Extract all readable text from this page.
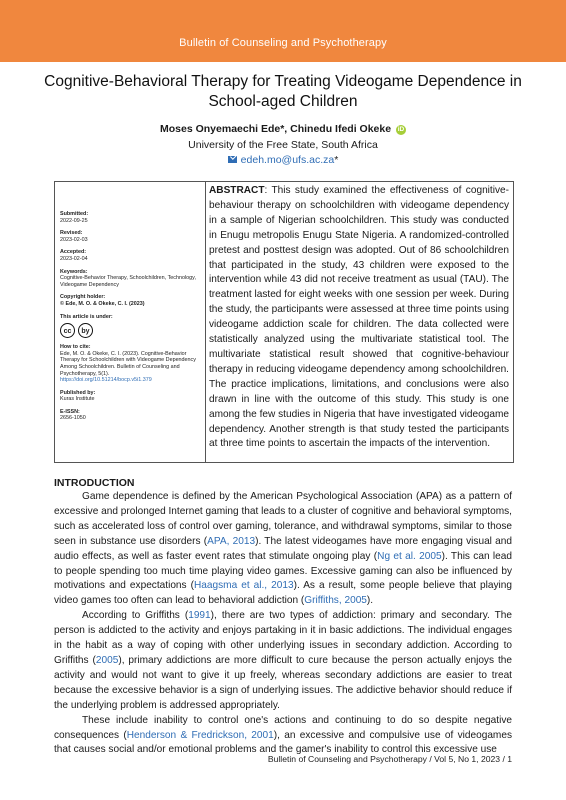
Bulletin of Counseling and Psychotherapy
Cognitive-Behavioral Therapy for Treating Videogame Dependence in School-aged Children
Moses Onyemaechi Ede*, Chinedu Ifedi Okeke iD
University of the Free State, South Africa
edeh.mo@ufs.ac.za*
Submitted:
2022-09-25
Revised:
2023-02-03
Accepted:
2023-02-04
Keywords:
Cognitive-Behavior Therapy, Schoolchildren, Technology, Videogame Dependency
Copyright holder:
© Ede, M. O. & Okeke, C. I. (2023)
This article is under:
cc	by
How to cite:
Ede, M. O. & Okeke, C. I. (2023). Cognitive-Behavior Therapy for Schoolchildren with Videogame Dependency Among Schoolchildren. Bulletin of Counseling and Psychotherapy, 5(1). https://doi.org/10.51214/bocp.v5i1.379
Published by:
Kuras Institute
E-ISSN:
2656-1050
ABSTRACT: This study examined the effectiveness of cognitive-behaviour therapy on schoolchildren with videogame dependency in a sample of Nigerian schoolchildren. This study was conducted in Enugu metropolis Enugu State Nigeria. A randomized-controlled pretest and posttest design was adopted. Out of 86 schoolchildren that participated in the study, 43 children were exposed to the intervention while 43 did not receive treatment as usual (TAU). The treatment lasted for eight weeks with one session per week. During the study, the participants were assessed at three time points using videogame addiction scale for children. The data collected were statistically analyzed using the multivariate statistical tool. The multivariate statistical result showed that cognitive-behaviour therapy in reducing videogame dependency among schoolchildren. The practice implications, limitations, and conclusions were also drawn in line with the outcome of this study. This study is one among the few studies in Nigeria that have investigated videogame dependency. Another strength is that study tested the participants at three time points to ascertain the impacts of the intervention.
INTRODUCTION

Game dependence is defined by the American Psychological Association (APA) as a pattern of excessive and prolonged Internet gaming that leads to a cluster of cognitive and behavioral symptoms, such as accelerated loss of control over gaming, tolerance, and withdrawal symptoms, similar to those seen in substance use disorders (APA, 2013). The latest videogames have more engaging visual and audio effects, as well as faster event rates that stimulate ongoing play (Ng et al. 2005). This can lead to people spending too much time playing video games. Excessive gaming can also be influenced by motivations and expectations (Haagsma et al., 2013). As a result, some people believe that playing video games too often can lead to behavioral addiction (Griffiths, 2005).

According to Griffiths (1991), there are two types of addiction: primary and secondary. The person is addicted to the activity and enjoys partaking in it in basic addictions. The individual engages in the habit as a way of coping with other underlying issues in secondary addiction. According to Griffiths (2005), primary addictions are more difficult to cure because the person actually enjoys the activity and would not want to give it up freely, whereas secondary addictions are easier to treat because the excessive behavior is a sign of underlying issues. The addictive behavior should reduce if the underlying problem is addressed appropriately.

These include inability to control one's actions and continuing to do so despite negative consequences (Henderson & Fredrickson, 2001), an excessive and compulsive use of videogames that causes social and/or emotional problems and the gamer's inability to control this excessive use

Bulletin of Counseling and Psychotherapy / Vol 5, No 1, 2023 / 1
